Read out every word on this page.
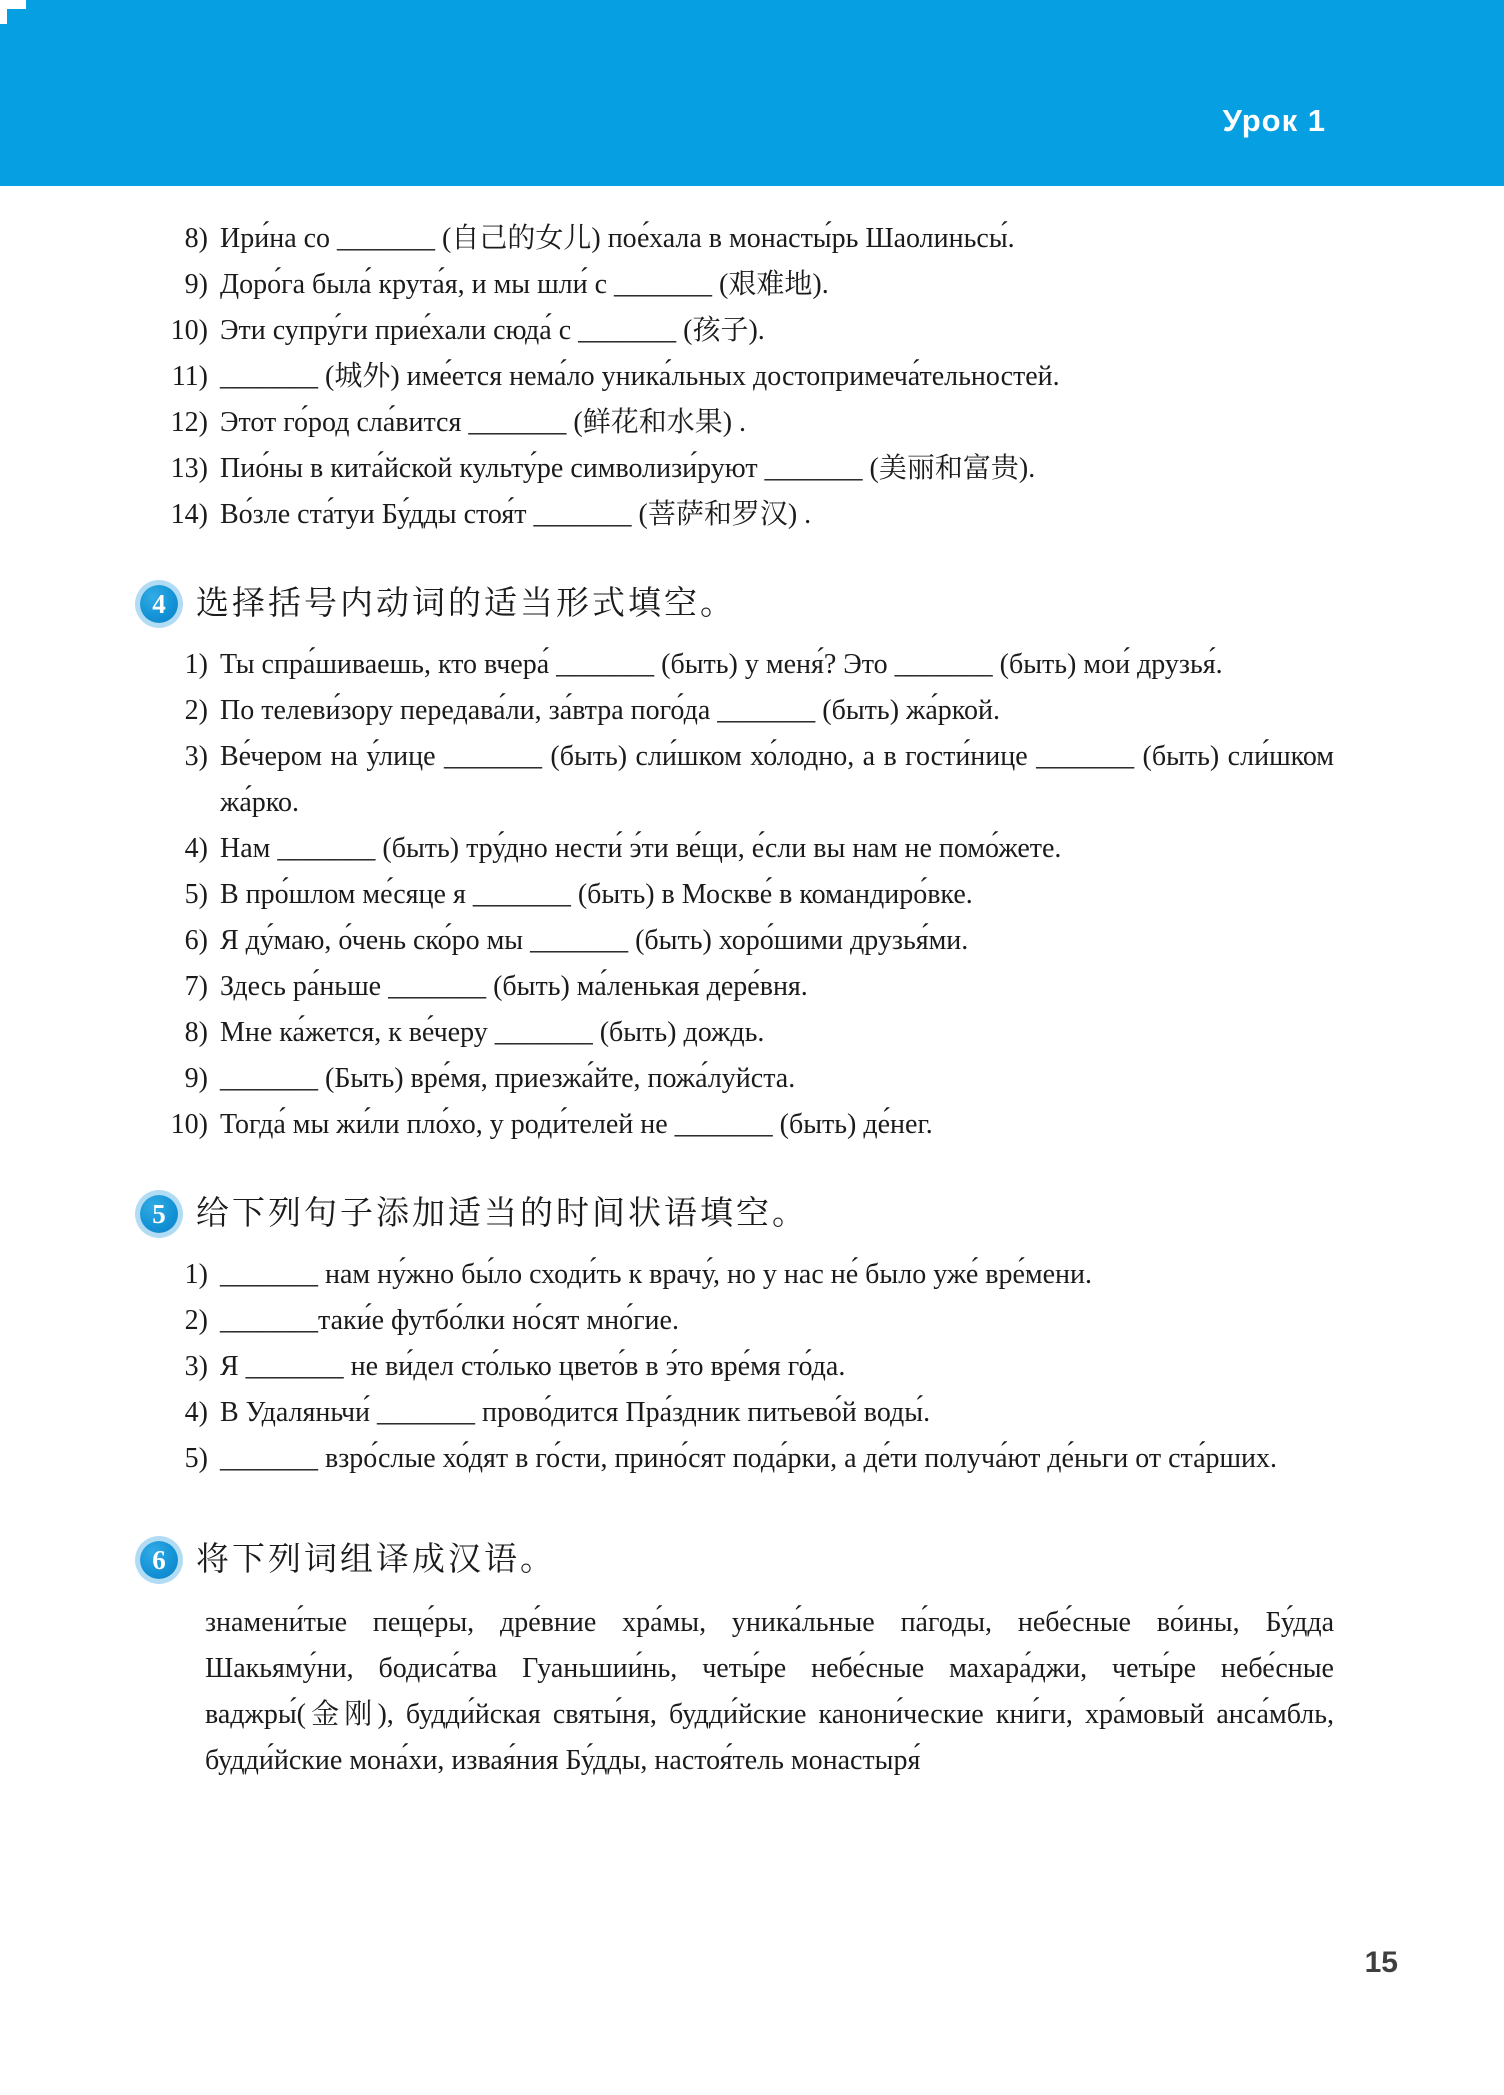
Урок 1
8) Ири́на со _______ (自己的女儿) пое́хала в монасты́рь Шаолиньсы́.
9) Доро́га была́ крута́я, и мы шли́ с _______ (艰难地).
10) Эти супру́ги прие́хали сюда́ с _______ (孩子).
11) _______ (城外) име́ется нема́ло уника́льных достопримеча́тельностей.
12) Этот го́род сла́вится _______ (鲜花和水果) .
13) Пио́ны в кита́йской культу́ре символизи́руют _______ (美丽和富贵).
14) Во́зле ста́туи Бу́дды стоя́т _______ (菩萨和罗汉) .
4 选择括号内动词的适当形式填空。
1) Ты спра́шиваешь, кто вчера́ _______ (быть) у меня́? Это _______ (быть) мои́ друзья́.
2) По телеви́зору передава́ли, за́втра пого́да _______ (быть) жа́ркой.
3) Ве́чером на у́лице _______ (быть) сли́шком хо́лодно, а в гости́нице _______ (быть) сли́шком жа́рко.
4) Нам _______ (быть) тру́дно нести́ э́ти ве́щи, е́сли вы нам не помо́жете.
5) В про́шлом ме́сяце я _______ (быть) в Москве́ в командиро́вке.
6) Я ду́маю, о́чень ско́ро мы _______ (быть) хоро́шими друзья́ми.
7) Здесь ра́ньше _______ (быть) ма́ленькая дере́вня.
8) Мне ка́жется, к ве́черу _______ (быть) дождь.
9) _______ (Быть) вре́мя, приезжа́йте, пожа́луйста.
10) Тогда́ мы жи́ли пло́хо, у роди́телей не _______ (быть) де́нег.
5 给下列句子添加适当的时间状语填空。
1) _______ нам ну́жно бы́ло сходи́ть к врачу́, но у нас не́ было уже́ вре́мени.
2) _______таки́е футбо́лки но́сят мно́гие.
3) Я _______ не ви́дел сто́лько цвето́в в э́то вре́мя го́да.
4) В Удаляньчи́ _______ прово́дится Пра́здник питьево́й воды́.
5) _______ взро́слые хо́дят в го́сти, прино́сят пода́рки, а де́ти получа́ют де́ньги от ста́рших.
6 将下列词组译成汉语。
знамени́тые пеще́ры, дре́вние хра́мы, уника́льные па́годы, небе́сные во́ины, Бу́дда Шакьяму́ни, бодиса́тва Гуаньшии́нь, четы́ре небе́сные махара́джи, четы́ре небе́сные ваджры́(金刚), будди́йская святы́ня, будди́йские канони́ческие кни́ги, хра́мовый анса́мбль, будди́йские мона́хи, извая́ния Бу́дды, настоя́тель монастыря́
15
